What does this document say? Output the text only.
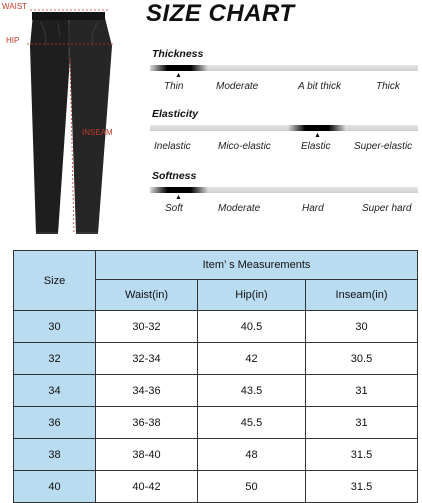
WAIST
HIP
INSEAM
SIZE CHART
Thickness
▲
Thin	Moderate	A bit thick	Thick
Elasticity
▲
Inelastic	Mico-elastic	Elastic Super-elastic
Softness
▲
Soft	Moderate	Hard	Super hard
Size	Item’ s Measurements		
	Waist(in)	Hip(in)	Inseam(in)
30	30-32	40.5	30
32	32-34	42	30.5
34	34-36	43.5	31
36	36-38	45.5	31
38	38-40	48	31.5
40	40-42	50	31.5
